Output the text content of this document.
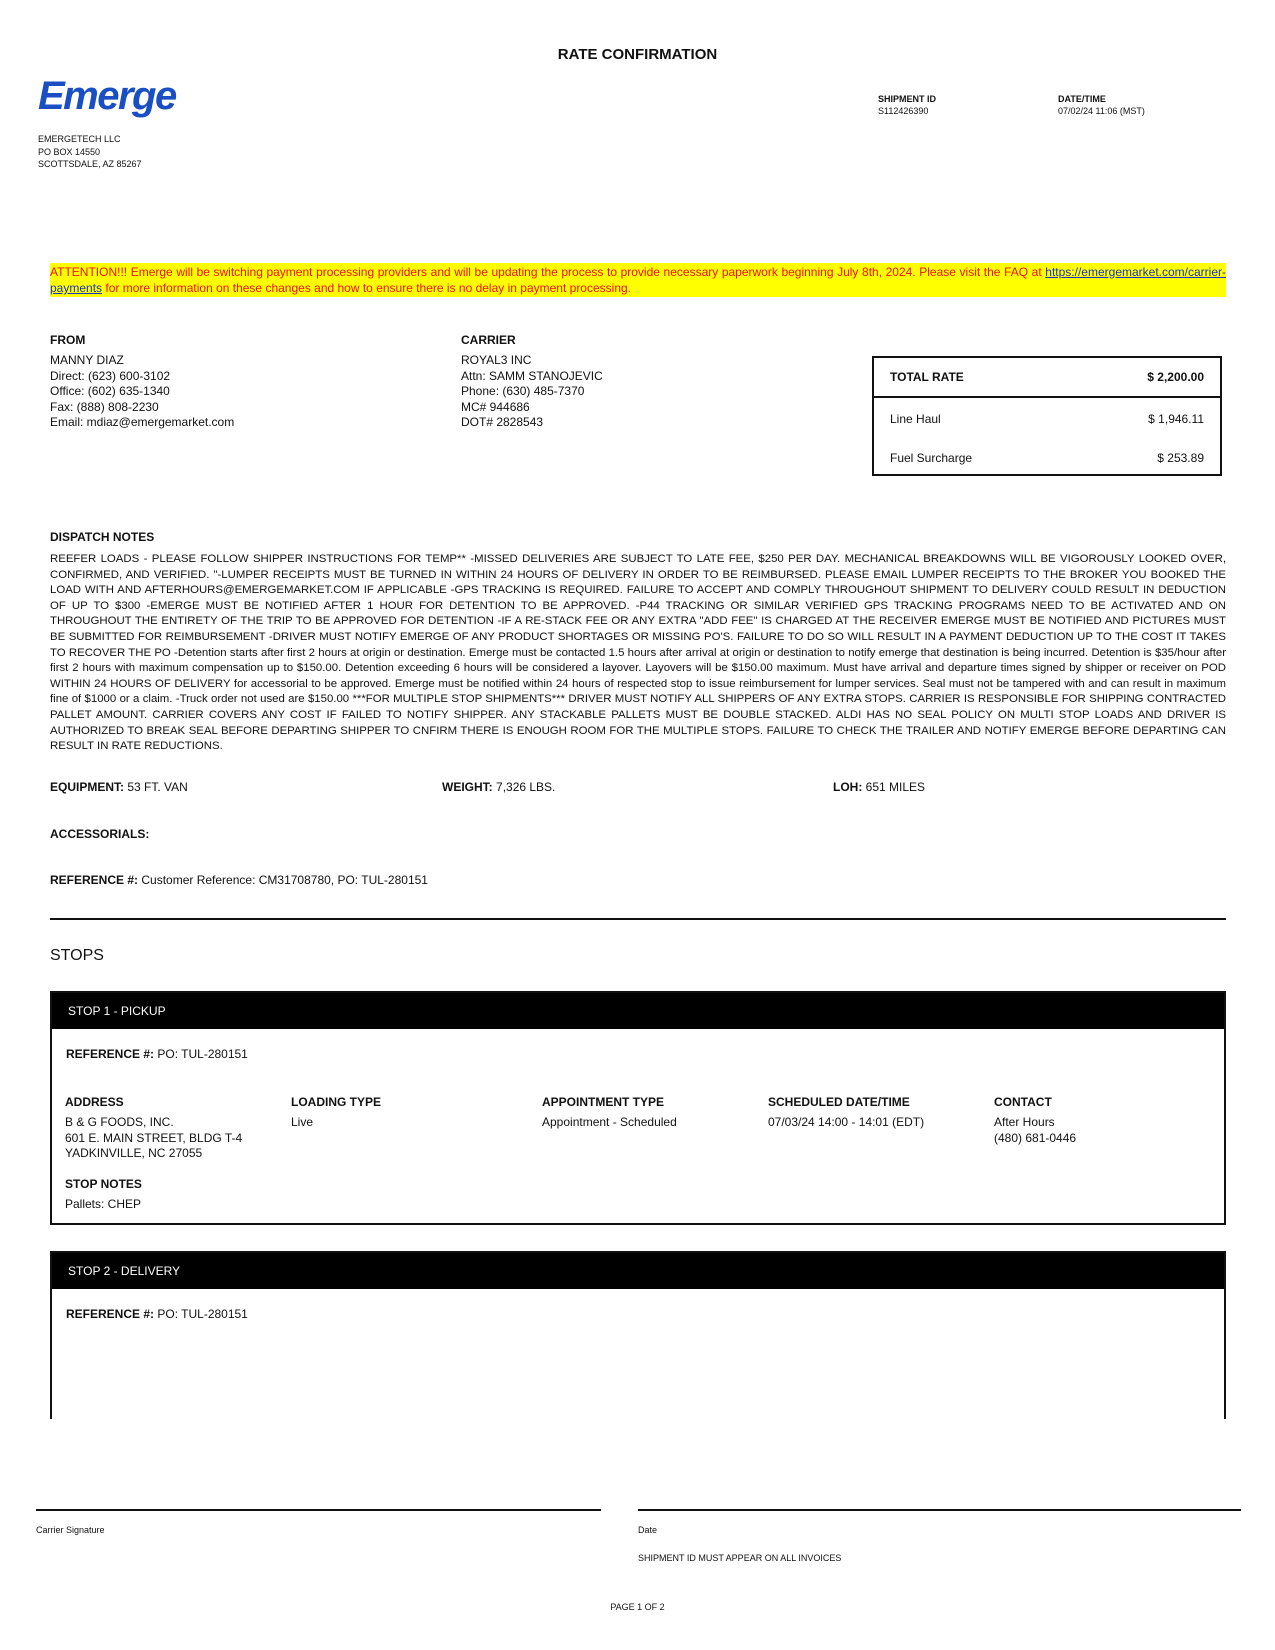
RATE CONFIRMATION
Emerge
EMERGETECH LLC
PO BOX 14550
SCOTTSDALE, AZ 85267
SHIPMENT ID
S112426390
DATE/TIME
07/02/24 11:06 (MST)
ATTENTION!!! Emerge will be switching payment processing providers and will be updating the process to provide necessary paperwork beginning July 8th, 2024. Please visit the FAQ at https://emergemarket.com/carrier-payments for more information on these changes and how to ensure there is no delay in payment processing.
FROM
MANNY DIAZ
Direct: (623) 600-3102
Office: (602) 635-1340
Fax: (888) 808-2230
Email: mdiaz@emergemarket.com
CARRIER
ROYAL3 INC
Attn: SAMM STANOJEVIC
Phone: (630) 485-7370
MC# 944686
DOT# 2828543
TOTAL RATE	$ 2,200.00
Line Haul	$ 1,946.11
Fuel Surcharge	$ 253.89
DISPATCH NOTES
REEFER LOADS - PLEASE FOLLOW SHIPPER INSTRUCTIONS FOR TEMP** -MISSED DELIVERIES ARE SUBJECT TO LATE FEE, $250 PER DAY. MECHANICAL BREAKDOWNS WILL BE VIGOROUSLY LOOKED OVER, CONFIRMED, AND VERIFIED. "-LUMPER RECEIPTS MUST BE TURNED IN WITHIN 24 HOURS OF DELIVERY IN ORDER TO BE REIMBURSED. PLEASE EMAIL LUMPER RECEIPTS TO THE BROKER YOU BOOKED THE LOAD WITH AND AFTERHOURS@EMERGEMARKET.COM IF APPLICABLE -GPS TRACKING IS REQUIRED. FAILURE TO ACCEPT AND COMPLY THROUGHOUT SHIPMENT TO DELIVERY COULD RESULT IN DEDUCTION OF UP TO $300 -EMERGE MUST BE NOTIFIED AFTER 1 HOUR FOR DETENTION TO BE APPROVED. -P44 TRACKING OR SIMILAR VERIFIED GPS TRACKING PROGRAMS NEED TO BE ACTIVATED AND ON THROUGHOUT THE ENTIRETY OF THE TRIP TO BE APPROVED FOR DETENTION -IF A RE-STACK FEE OR ANY EXTRA "ADD FEE" IS CHARGED AT THE RECEIVER EMERGE MUST BE NOTIFIED AND PICTURES MUST BE SUBMITTED FOR REIMBURSEMENT -DRIVER MUST NOTIFY EMERGE OF ANY PRODUCT SHORTAGES OR MISSING PO'S. FAILURE TO DO SO WILL RESULT IN A PAYMENT DEDUCTION UP TO THE COST IT TAKES TO RECOVER THE PO -Detention starts after first 2 hours at origin or destination. Emerge must be contacted 1.5 hours after arrival at origin or destination to notify emerge that destination is being incurred. Detention is $35/hour after first 2 hours with maximum compensation up to $150.00. Detention exceeding 6 hours will be considered a layover. Layovers will be $150.00 maximum. Must have arrival and departure times signed by shipper or receiver on POD WITHIN 24 HOURS OF DELIVERY for accessorial to be approved. Emerge must be notified within 24 hours of respected stop to issue reimbursement for lumper services. Seal must not be tampered with and can result in maximum fine of $1000 or a claim. -Truck order not used are $150.00 ***FOR MULTIPLE STOP SHIPMENTS*** DRIVER MUST NOTIFY ALL SHIPPERS OF ANY EXTRA STOPS. CARRIER IS RESPONSIBLE FOR SHIPPING CONTRACTED PALLET AMOUNT. CARRIER COVERS ANY COST IF FAILED TO NOTIFY SHIPPER. ANY STACKABLE PALLETS MUST BE DOUBLE STACKED. ALDI HAS NO SEAL POLICY ON MULTI STOP LOADS AND DRIVER IS AUTHORIZED TO BREAK SEAL BEFORE DEPARTING SHIPPER TO CNFIRM THERE IS ENOUGH ROOM FOR THE MULTIPLE STOPS. FAILURE TO CHECK THE TRAILER AND NOTIFY EMERGE BEFORE DEPARTING CAN RESULT IN RATE REDUCTIONS.
EQUIPMENT: 53 FT. VAN	WEIGHT: 7,326 LBS.	LOH: 651 MILES
ACCESSORIALS:
REFERENCE #: Customer Reference: CM31708780, PO: TUL-280151
STOPS
STOP 1 - PICKUP
REFERENCE #: PO: TUL-280151
ADDRESS
B & G FOODS, INC.
601 E. MAIN STREET, BLDG T-4
YADKINVILLE, NC 27055
LOADING TYPE
Live
APPOINTMENT TYPE
Appointment - Scheduled
SCHEDULED DATE/TIME
07/03/24 14:00 - 14:01 (EDT)
CONTACT
After Hours
(480) 681-0446
STOP NOTES
Pallets: CHEP
STOP 2 - DELIVERY
REFERENCE #: PO: TUL-280151
Carrier Signature	Date
SHIPMENT ID MUST APPEAR ON ALL INVOICES
PAGE 1 OF 2
